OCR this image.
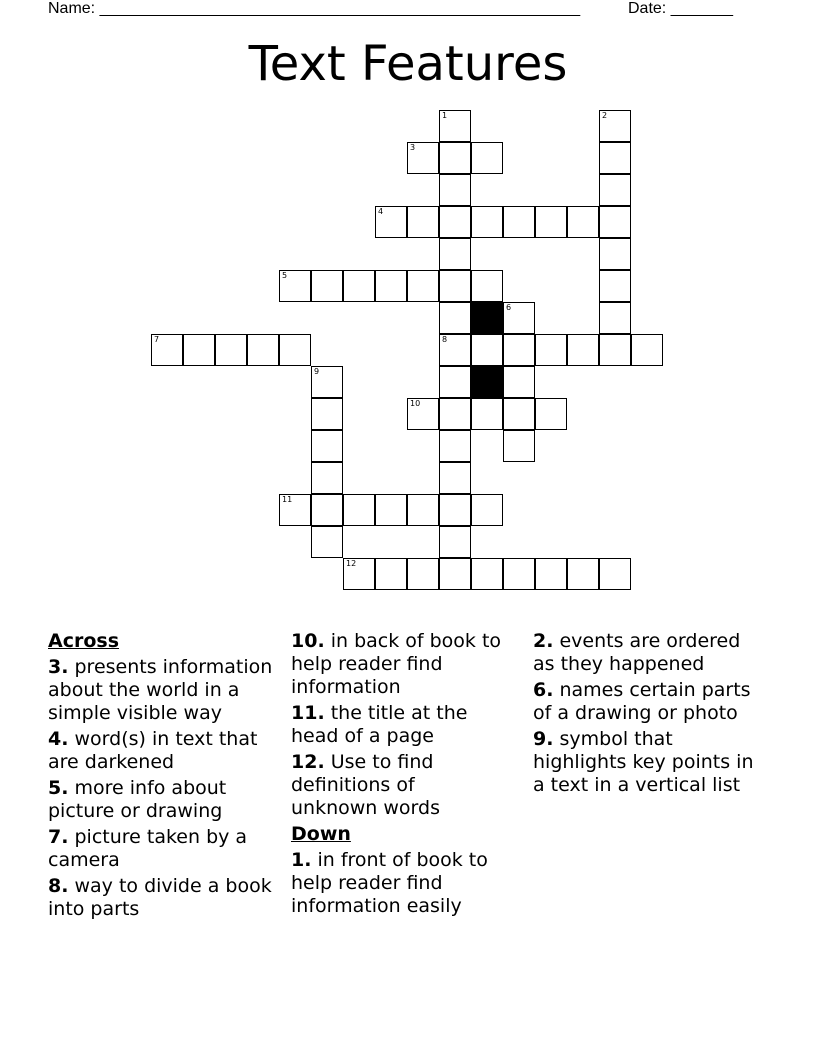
Name: ______________________________________________________	Date: _______
Text Features
1	2
3
4
5
6
7	8
9
10
11
12
Across
3. presents information about the world in a simple visible way
4. word(s) in text that are darkened
5. more info about picture or drawing
7. picture taken by a camera
8. way to divide a book into parts
10. in back of book to help reader find information
11. the title at the head of a page
12. Use to find definitions of unknown words
Down
1. in front of book to help reader find information easily
2. events are ordered as they happened
6. names certain parts of a drawing or photo
9. symbol that highlights key points in a text in a vertical list
